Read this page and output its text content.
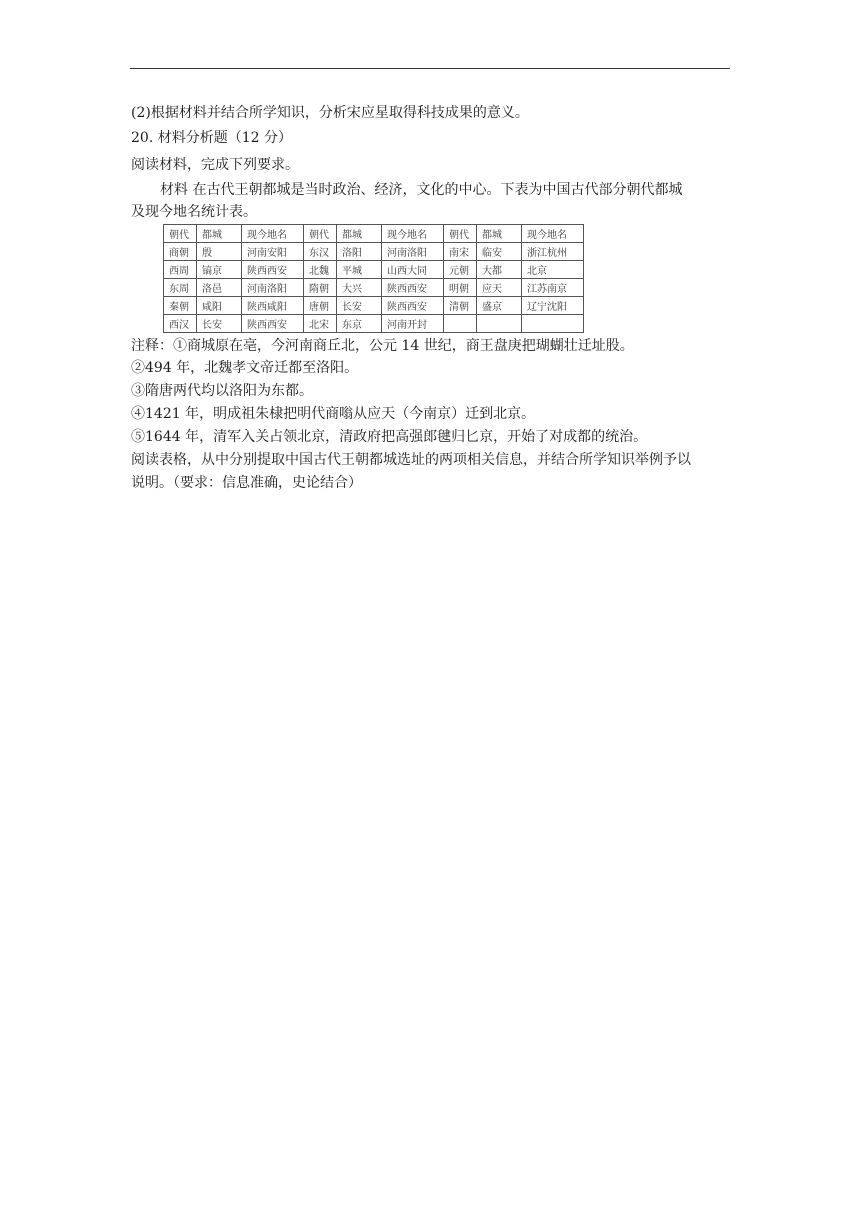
(2)根据材料并结合所学知识，分析宋应星取得科技成果的意义。
20. 材料分析题（12 分）
阅读材料，完成下列要求。
材料 在古代王朝都城是当时政治、经济，文化的中心。下表为中国古代部分朝代都城
及现今地名统计表。
朝代	都城	现今地名	朝代	都城	现今地名	朝代	都城	现今地名
商朝	殷	河南安阳	东汉	洛阳	河南洛阳	南宋	临安	浙江杭州
西周	镐京	陕西西安	北魏	平城	山西大同	元朝	大都	北京
东周	洛邑	河南洛阳	隋朝	大兴	陕西西安	明朝	应天	江苏南京
秦朝	咸阳	陕西咸阳	唐朝	长安	陕西西安	清朝	盛京	辽宁沈阳
西汉	长安	陕西西安	北宋	东京	河南开封			
注释：①商城原在亳，今河南商丘北，公元 14 世纪，商王盘庚把瑚蝴壮迁址股。
②494 年，北魏孝文帝迁都至洛阳。
③隋唐两代均以洛阳为东都。
④1421 年，明成祖朱棣把明代商嗡从应天（今南京）迁到北京。
⑤1644 年，清军入关占领北京，清政府把高强郎毽归匕京，开始了对成都的统治。
阅读表格，从中分别提取中国古代王朝都城选址的两项相关信息，并结合所学知识举例予以
说明。（要求：信息准确，史论结合）
